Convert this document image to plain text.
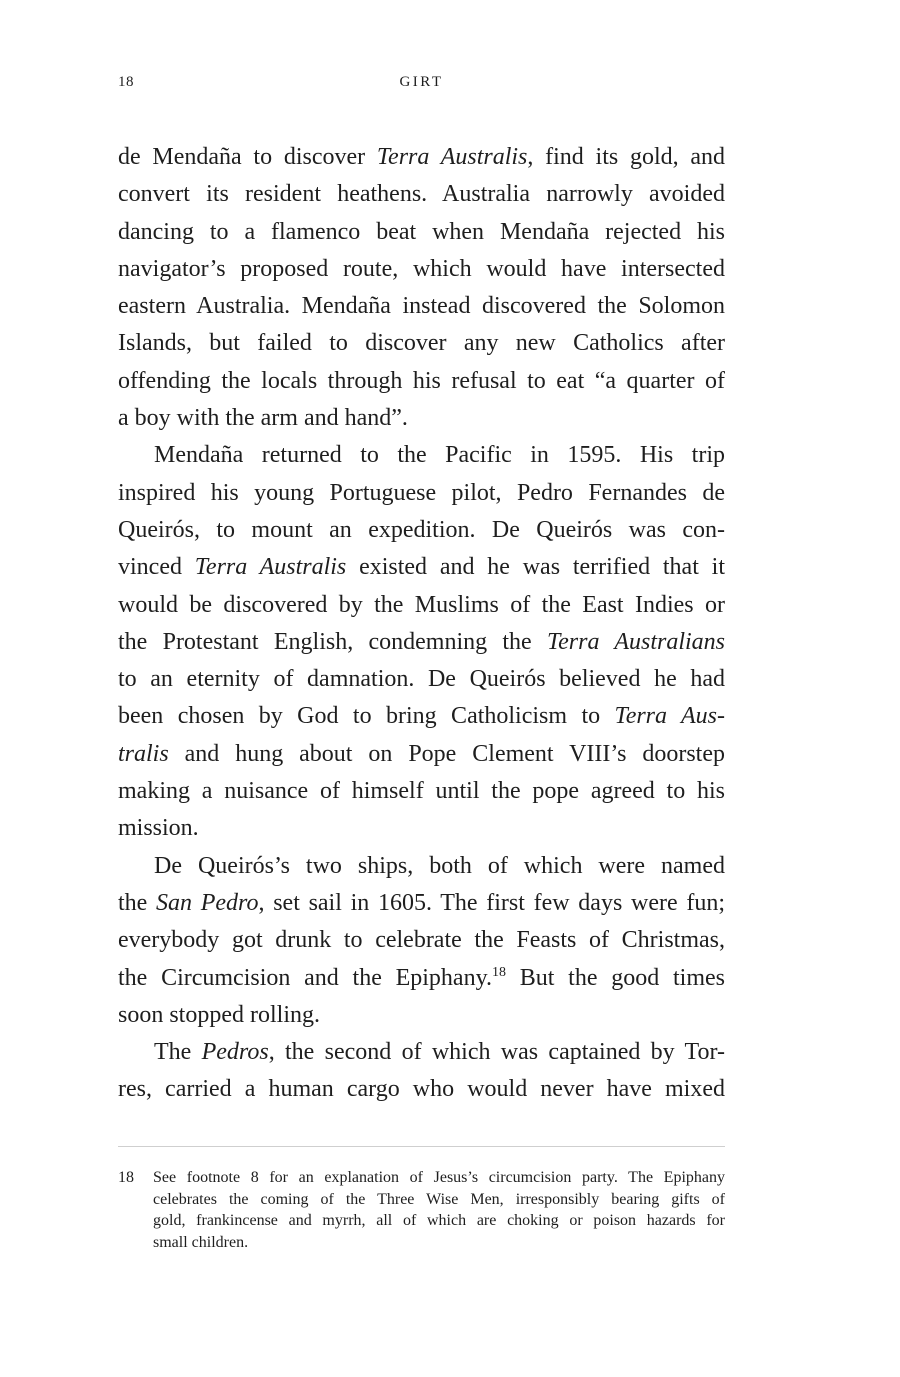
18	GIRT
de Mendaña to discover Terra Australis, find its gold, and
convert its resident heathens. Australia narrowly avoided
dancing to a flamenco beat when Mendaña rejected his
navigator’s proposed route, which would have intersected
eastern Australia. Mendaña instead discovered the Solomon
Islands, but failed to discover any new Catholics after
offending the locals through his refusal to eat “a quarter of
a boy with the arm and hand”.
Mendaña returned to the Pacific in 1595. His trip
inspired his young Portuguese pilot, Pedro Fernandes de
Queirós, to mount an expedition. De Queirós was con-
vinced Terra Australis existed and he was terrified that it
would be discovered by the Muslims of the East Indies or
the Protestant English, condemning the Terra Australians
to an eternity of damnation. De Queirós believed he had
been chosen by God to bring Catholicism to Terra Aus-
tralis and hung about on Pope Clement VIII’s doorstep
making a nuisance of himself until the pope agreed to his
mission.
De Queirós’s two ships, both of which were named
the San Pedro, set sail in 1605. The first few days were fun;
everybody got drunk to celebrate the Feasts of Christmas,
the Circumcision and the Epiphany.$^{18}$ But the good times
soon stopped rolling.
The Pedros, the second of which was captained by Tor-
res, carried a human cargo who would never have mixed
18 See footnote 8 for an explanation of Jesus’s circumcision party. The Epiphany
celebrates the coming of the Three Wise Men, irresponsibly bearing gifts of
gold, frankincense and myrrh, all of which are choking or poison hazards for
small children.
